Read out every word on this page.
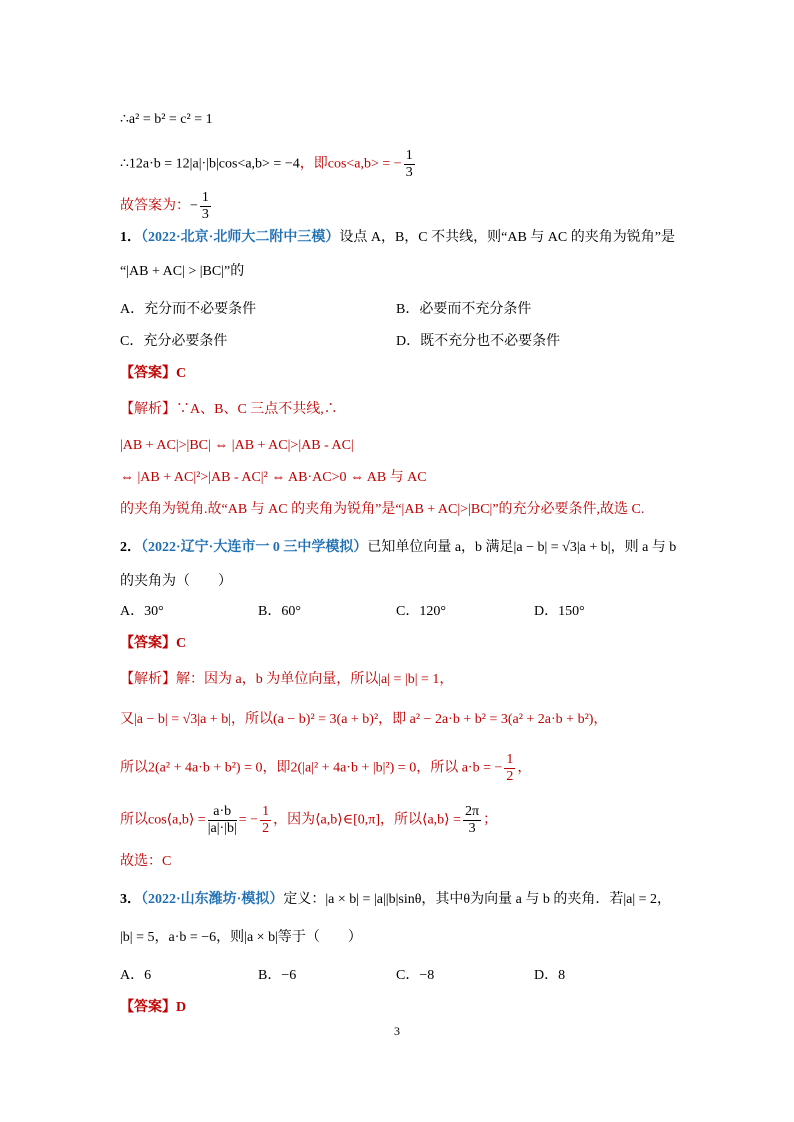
∴a² = b² = c² = 1
∴12a·b = 12|a|·|b|cos<a,b> = −4，即cos<a,b> = − $\frac{1}{3}$
故答案为：− $\frac{1}{3}$
1．（2022·北京·北师大二附中三模）设点 A，B，C 不共线，则“AB 与 AC 的夹角为锐角”是
“|AB + AC| > |BC|”的
A．充分而不必要条件	B．必要而不充分条件
C．充分必要条件	D．既不充分也不必要条件
【答案】C
【解析】∵A、B、C 三点不共线,∴
|AB + AC|>|BC| ⇔ |AB + AC|>|AB - AC|
⇔ |AB + AC|²>|AB - AC|² ⇔ AB·AC>0 ⇔ AB 与 AC
的夹角为锐角.故“AB 与 AC 的夹角为锐角”是“|AB + AC|>|BC|”的充分必要条件,故选 C.
2．（2022·辽宁·大连市一 0 三中学模拟）已知单位向量 a，b 满足|a − b| = √3|a + b|，则 a 与 b
的夹角为（　　）
A．30°	B．60°	C．120°	D．150°
【答案】C
【解析】解：因为 a，b 为单位向量，所以|a| = |b| = 1，
又|a − b| = √3|a + b|，所以(a − b)² = 3(a + b)²，即 a² − 2a·b + b² = 3(a² + 2a·b + b²)，
所以2(a² + 4a·b + b²) = 0，即2(|a|² + 4a·b + |b|²) = 0，所以 a·b = − $\frac{1}{2}$ ，
所以cos⟨a,b⟩ = $\frac{a\cdot b}{|a|\cdot|b|}$ = − $\frac{1}{2}$ ，因为⟨a,b⟩∈[0,π]，所以⟨a,b⟩ = $\frac{2\pi}{3}$ ；
故选：C
3．（2022·山东潍坊·模拟）定义：|a × b| = |a||b|sinθ，其中θ为向量 a 与 b 的夹角．若|a| = 2，
|b| = 5，a·b = −6，则|a × b|等于（　　）
A．6	B．−6	C．−8	D．8
【答案】D
3
